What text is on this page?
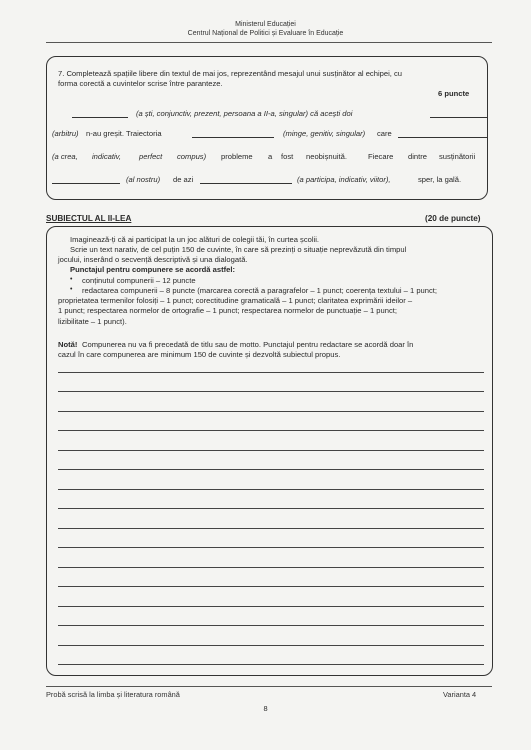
Ministerul Educației
Centrul Național de Politici și Evaluare în Educație
7. Completează spațiile libere din textul de mai jos, reprezentând mesajul unui susținător al echipei, cu
forma corectă a cuvintelor scrise între paranteze.
6 puncte
(a ști, conjunctiv, prezent, persoana a II-a, singular) că acești doi
(arbitru) n-au greșit. Traiectoria	(minge, genitiv, singular) care
(a crea, indicativ, perfect compus) probleme a fost neobișnuită.	Fiecare dintre susținătorii
(al nostru) de azi	(a participa, indicativ, viitor),	sper, la gală.
SUBIECTUL AL II-LEA	(20 de puncte)
Imaginează-ți că ai participat la un joc alături de colegii tăi, în curtea școlii.
Scrie un text narativ, de cel puțin 150 de cuvinte, în care să prezinți o situație neprevăzută din timpul
jocului, inserând o secvență descriptivă și una dialogată.
Punctajul pentru compunere se acordă astfel:
• conținutul compunerii – 12 puncte
• redactarea compunerii – 8 puncte (marcarea corectă a paragrafelor – 1 punct; coerența textului – 1 punct;
proprietatea termenilor folosiți – 1 punct; corectitudine gramaticală – 1 punct; claritatea exprimării ideilor –
1 punct; respectarea normelor de ortografie – 1 punct; respectarea normelor de punctuație – 1 punct;
lizibilitate – 1 punct).
Notă! Compunerea nu va fi precedată de titlu sau de motto. Punctajul pentru redactare se acordă doar în
cazul în care compunerea are minimum 150 de cuvinte și dezvoltă subiectul propus.
Probă scrisă la limba și literatura română	Varianta 4
8
